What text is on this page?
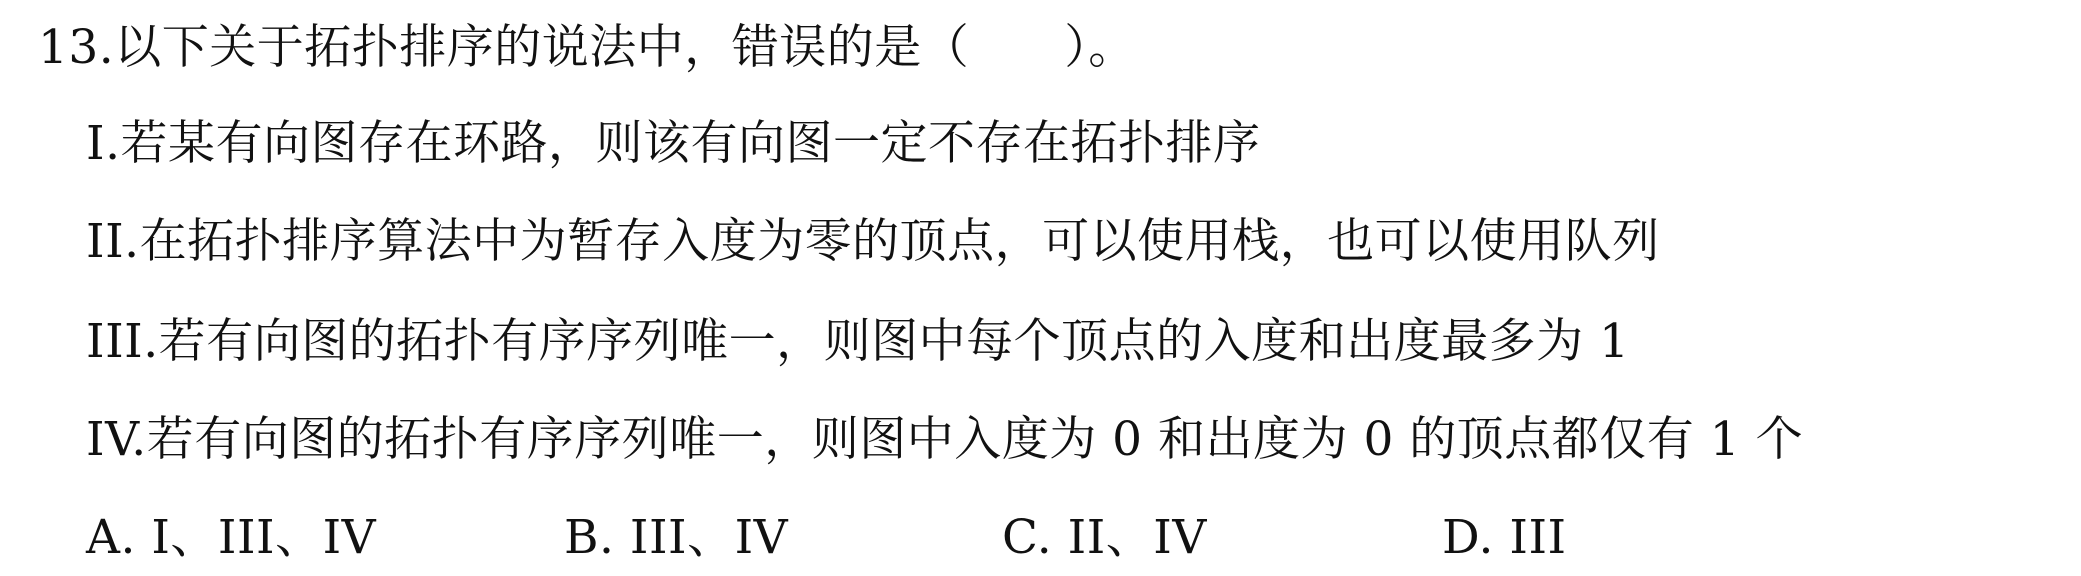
13.以下关于拓扑排序的说法中，错误的是（　　）。
I.若某有向图存在环路，则该有向图一定不存在拓扑排序
II.在拓扑排序算法中为暂存入度为零的顶点，可以使用栈，也可以使用队列
III.若有向图的拓扑有序序列唯一，则图中每个顶点的入度和出度最多为 1
IV.若有向图的拓扑有序序列唯一，则图中入度为 0 和出度为 0 的顶点都仅有 1 个
A. I、III、IV	B. III、IV	C. II、IV	D. III
